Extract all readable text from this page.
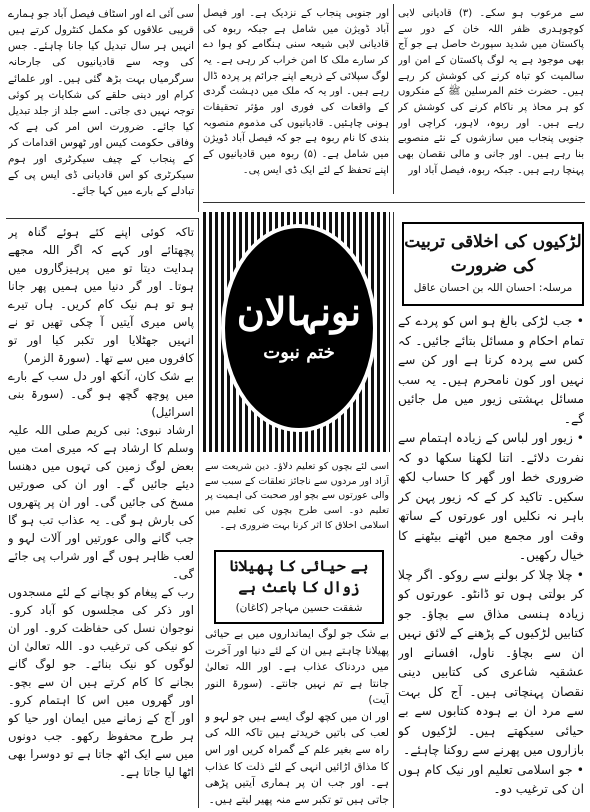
سے مرعوب ہو سکے۔ (۳) قادیانی لابی کوچوہدری ظفر اللہ خان کے دور سے پاکستان میں شدید سپورٹ حاصل ہے جو آج بھی موجود ہے یہ لوگ پاکستان کے امن اور سالمیت کو تباہ کرنے کی کوشش کر رہے ہیں۔ حضرت ختم المرسلین ﷺ کے منکروں کو ہر محاذ پر ناکام کرنے کی کوشش کر رہے ہیں۔ اور ربوہ، لاہور، کراچی اور جنوبی پنجاب میں سازشوں کے نئے منصوبے بنا رہے ہیں۔ اور جانی و مالی نقصان بھی پہنچا رہے ہیں۔ جبکہ ربوہ، فیصل آباد اور

اور جنوبی پنجاب کے نزدیک ہے۔ اور فیصل آباد ڈویژن میں شامل ہے جبکہ ربوہ کی قادیانی لابی شیعہ سنی ہنگامے کو ہوا دے کر سارے ملک کا امن خراب کر رہی ہے۔ یہ لوگ سپلائی کے ذریعے اپنے جرائم پر پردہ ڈال رہے ہیں۔ اور یہ کہ ملک میں دہشت گردی کے واقعات کی فوری اور مؤثر تحقیقات ہونی چاہئیں۔ قادیانیوں کی مذموم منصوبہ بندی کا نام ربوہ ہے جو کہ فیصل آباد ڈویژن میں شامل ہے۔ (۵) ربوہ میں قادیانیوں کے اپنے تحفظ کے لئے ایک ڈی ایس پی۔

سی آئی اے اور اسٹاف فیصل آباد جو ہمارے قریبی علاقوں کو مکمل کنٹرول کرتے ہیں انہیں ہر سال تبدیل کیا جانا چاہئے۔ جس کی وجہ سے قادیانیوں کی جارحانہ سرگرمیاں بہت بڑھ گئی ہیں۔ اور علمائے کرام اور دینی حلقے کی شکایات پر کوئی توجہ نہیں دی جاتی۔ اسے جلد از جلد تبدیل کیا جائے۔ ضرورت اس امر کی ہے کہ وفاقی حکومت کیس اور ٹھوس اقدامات کر کے پنجاب کے چیف سیکرٹری اور ہوم سیکرٹری کو اس قادیانی ڈی ایس پی کے تبادلے کے بارے میں کہا جائے۔

نونہالان
ختم نبوت
لڑکیوں کی اخلاقی تربیت کی ضرورت
مرسلہ: احسان اللہ بن احسان عاقل

• جب لڑکی بالغ ہو اس کو پردے کے تمام احکام و مسائل بتائے جائیں۔ کہ کس سے پردہ کرنا ہے اور کن سے نہیں اور کون نامحرم ہیں۔ یہ سب مسائل بہشتی زیور میں مل جائیں گے۔
• زیور اور لباس کے زیادہ اہتمام سے نفرت دلائے۔ اتنا لکھنا سکھا دو کہ ضروری خط اور گھر کا حساب لکھ سکیں۔ تاکید کر کے کہ زیور پہن کر باہر نہ نکلیں اور عورتوں کے ساتھ وقت اور مجمع میں اٹھنے بیٹھنے کا خیال رکھیں۔
• چلا چلا کر بولنے سے روکو۔ اگر چلا کر بولتی ہوں تو ڈانٹو۔ عورتوں کو زیادہ ہنسی مذاق سے بچاؤ۔ جو کتابیں لڑکیوں کے پڑھنے کے لائق نہیں ان سے بچاؤ۔ ناول، افسانے اور عشقیہ شاعری کی کتابیں دینی نقصان پہنچاتی ہیں۔ آج کل بہت سے مرد ان بے ہودہ کتابوں سے بے حیائی سیکھتے ہیں۔ لڑکیوں کو بازاروں میں پھرنے سے روکنا چاہئے۔
• جو اسلامی تعلیم اور نیک کام ہوں ان کی ترغیب دو۔

تاکہ کوئی اپنے کئے ہوئے گناہ پر پچھتائے اور کہے کہ اگر اللہ مجھے ہدایت دیتا تو میں پرہیزگاروں میں ہوتا۔ اور گر دنیا میں ہمیں پھر جانا ہو تو ہم نیک کام کریں۔ ہاں تیرے پاس میری آیتیں آ چکی تھیں تو نے انہیں جھٹلایا اور تکبر کیا اور تو کافروں میں سے تھا۔ (سورۃ الزمر)
بے شک کان، آنکھ اور دل سب کے بارے میں پوچھ گچھ ہو گی۔ (سورۃ بنی اسرائیل)
ارشاد نبوی: نبی کریم صلی اللہ علیہ وسلم کا ارشاد ہے کہ میری امت میں بعض لوگ زمین کی تہوں میں دھنسا دیئے جائیں گے۔ اور ان کی صورتیں مسخ کی جائیں گی۔ اور ان پر پتھروں کی بارش ہو گی۔ یہ عذاب تب ہو گا جب گانے والی عورتیں اور آلات لہو و لعب ظاہر ہوں گے اور شراب پی جائے گی۔
رب کے پیغام کو بچانے کے لئے مسجدوں اور ذکر کی مجلسوں کو آباد کرو۔ نوجوان نسل کی حفاظت کرو۔ اور ان کو نیکی کی ترغیب دو۔ اللہ تعالیٰ ان لوگوں کو نیک بنائے۔ جو لوگ گانے بجانے کا کام کرتے ہیں ان سے بچو۔ اور گھروں میں اس کا اہتمام کرو۔ اور آج کے زمانے میں ایمان اور حیا کو ہر طرح محفوظ رکھو۔ جب دونوں میں سے ایک اٹھ جاتا ہے تو دوسرا بھی اٹھا لیا جاتا ہے۔

اسی لئے بچوں کو تعلیم دلاؤ۔ دین شریعت سے آزاد اور مردوں سے ناجائز تعلقات کے سبب سے والی عورتوں سے بچو اور صحبت کی اہمیت پر تعلیم دو۔ اسی طرح بچوں کی تعلیم میں اسلامی اخلاق کا اثر کرنا بہت ضروری ہے۔

بے حیائی کا پھیلانا زوال کا باعث ہے
شفقت حسین مہاجر (کاغان)

بے شک جو لوگ ایمانداروں میں بے حیائی پھیلانا چاہتے ہیں ان کے لئے دنیا اور آخرت میں دردناک عذاب ہے۔ اور اللہ تعالیٰ جانتا ہے تم نہیں جانتے۔ (سورۃ النور آیت)
اور ان میں کچھ لوگ ایسے ہیں جو لہو و لعب کی باتیں خریدتے ہیں تاکہ اللہ کی راہ سے بغیر علم کے گمراہ کریں اور اس کا مذاق اڑائیں انہی کے لئے ذلت کا عذاب ہے۔ اور جب ان پر ہماری آیتیں پڑھی جاتی ہیں تو تکبر سے منہ پھیر لیتے ہیں۔
